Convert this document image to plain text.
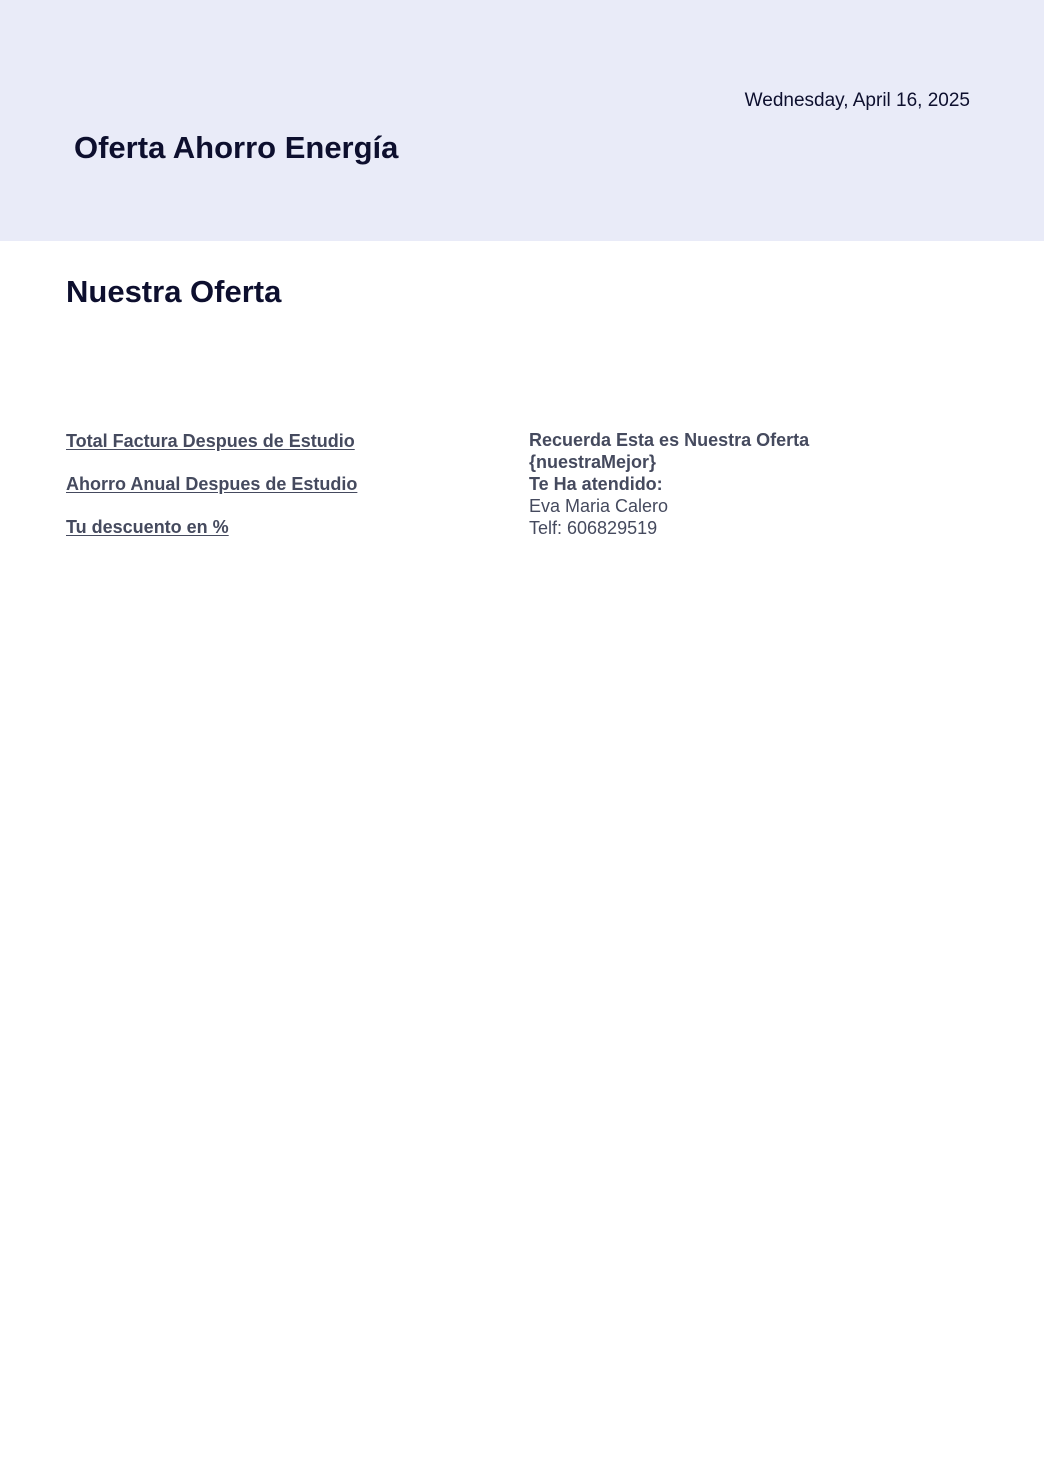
Wednesday, April 16, 2025
Oferta Ahorro Energía
Nuestra Oferta
Total Factura Despues de Estudio
Ahorro Anual Despues de Estudio
Tu descuento en %
Recuerda Esta es Nuestra Oferta
{nuestraMejor}
Te Ha atendido:
Eva Maria Calero
Telf: 606829519
